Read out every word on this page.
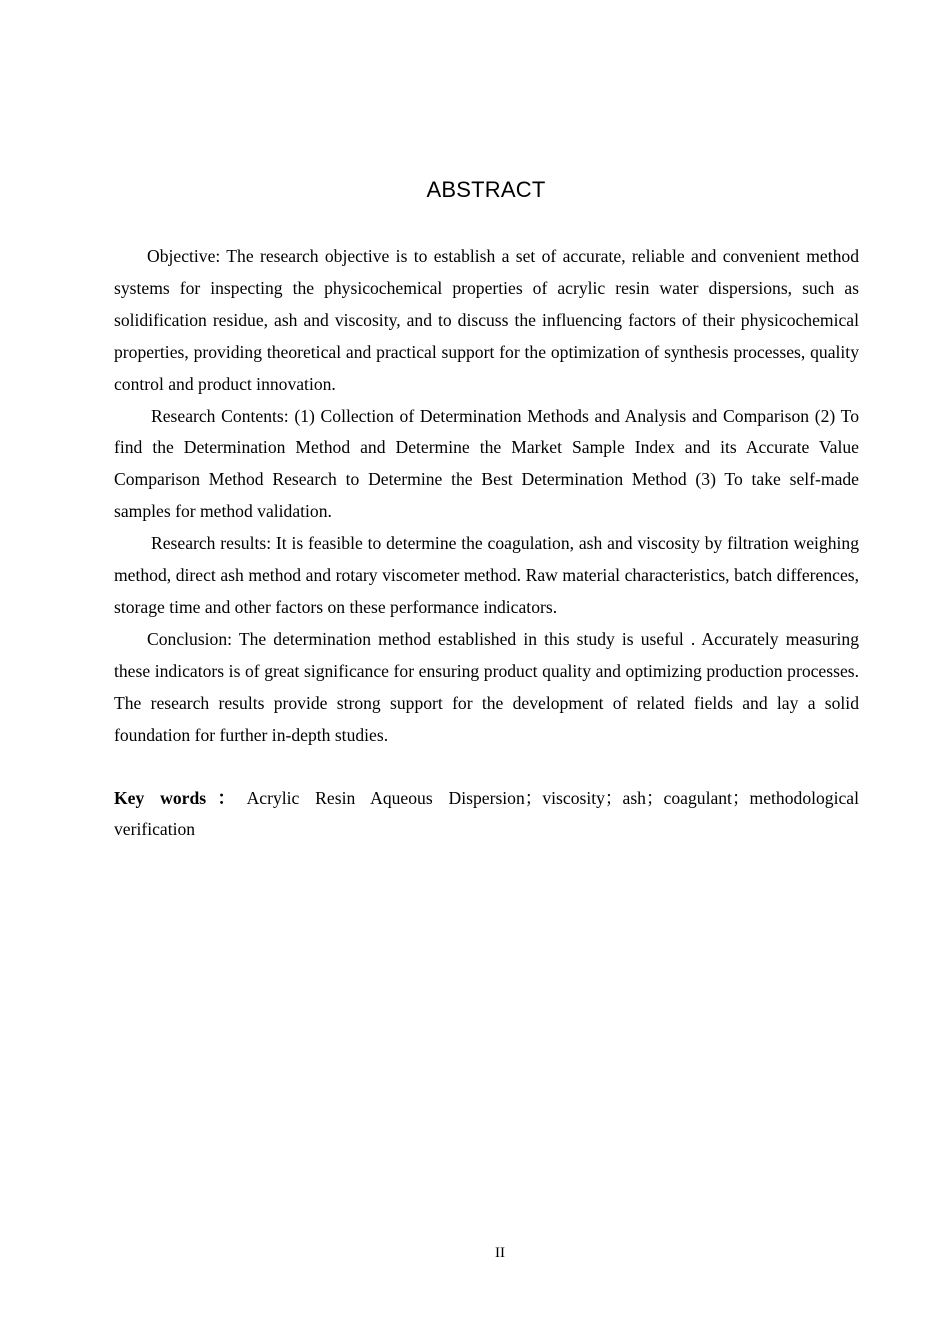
ABSTRACT

Objective: The research objective is to establish a set of accurate, reliable and convenient method systems for inspecting the physicochemical properties of acrylic resin water dispersions, such as solidification residue, ash and viscosity, and to discuss the influencing factors of their physicochemical properties, providing theoretical and practical support for the optimization of synthesis processes, quality control and product innovation.

Research Contents: (1) Collection of Determination Methods and Analysis and Comparison (2) To find the Determination Method and Determine the Market Sample Index and its Accurate Value Comparison Method Research to Determine the Best Determination Method (3) To take self-made samples for method validation.

Research results: It is feasible to determine the coagulation, ash and viscosity by filtration weighing method, direct ash method and rotary viscometer method. Raw material characteristics, batch differences, storage time and other factors on these performance indicators.

Conclusion: The determination method established in this study is useful . Accurately measuring these indicators is of great significance for ensuring product quality and optimizing production processes. The research results provide strong support for the development of related fields and lay a solid foundation for further in-depth studies.

Key words：Acrylic Resin Aqueous Dispersion；viscosity；ash；coagulant；methodological verification
II
